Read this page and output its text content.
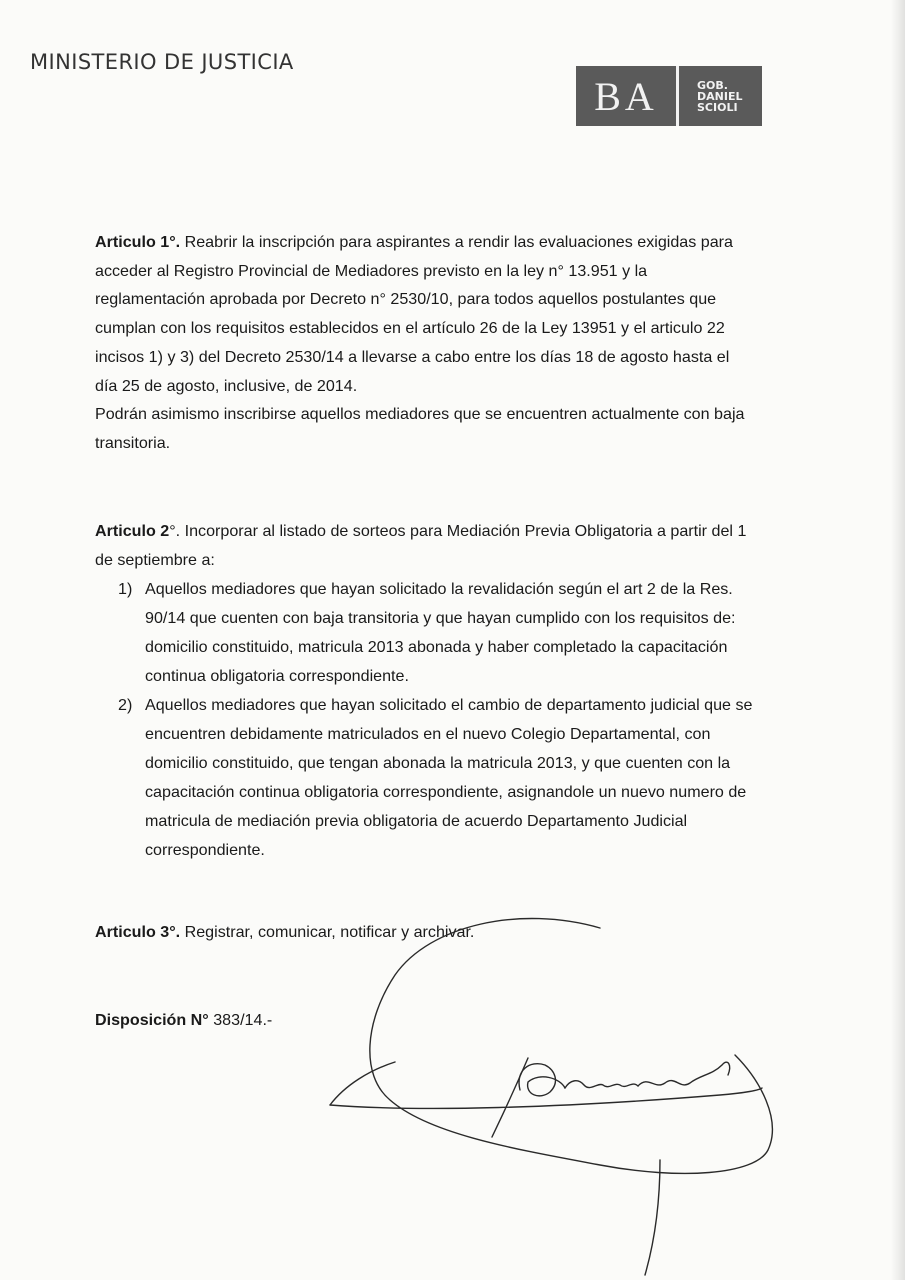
MINISTERIO DE JUSTICIA
BA	GOB.
DANIEL
SCIOLI

Articulo 1°. Reabrir la inscripción para aspirantes a rendir las evaluaciones exigidas para acceder al Registro Provincial de Mediadores previsto en la ley n° 13.951 y la reglamentación aprobada por Decreto n° 2530/10, para todos aquellos postulantes que cumplan con los requisitos establecidos en el artículo 26 de la Ley 13951 y el articulo 22 incisos 1) y 3) del Decreto 2530/14 a llevarse a cabo entre los días 18 de agosto hasta el día 25 de agosto, inclusive, de 2014.
Podrán asimismo inscribirse aquellos mediadores que se encuentren actualmente con baja transitoria.

Articulo 2°. Incorporar al listado de sorteos para Mediación Previa Obligatoria a partir del 1 de septiembre a:

1) Aquellos mediadores que hayan solicitado la revalidación según el art 2 de la Res. 90/14 que cuenten con baja transitoria y que hayan cumplido con los requisitos de: domicilio constituido, matricula 2013 abonada y haber completado la capacitación continua obligatoria correspondiente.
2) Aquellos mediadores que hayan solicitado el cambio de departamento judicial que se encuentren debidamente matriculados en el nuevo Colegio Departamental, con domicilio constituido, que tengan abonada la matricula 2013, y que cuenten con la capacitación continua obligatoria correspondiente, asignandole un nuevo numero de matricula de mediación previa obligatoria de acuerdo Departamento Judicial correspondiente.

Articulo 3°. Registrar, comunicar, notificar y archivar.

Disposición N° 383/14.-
